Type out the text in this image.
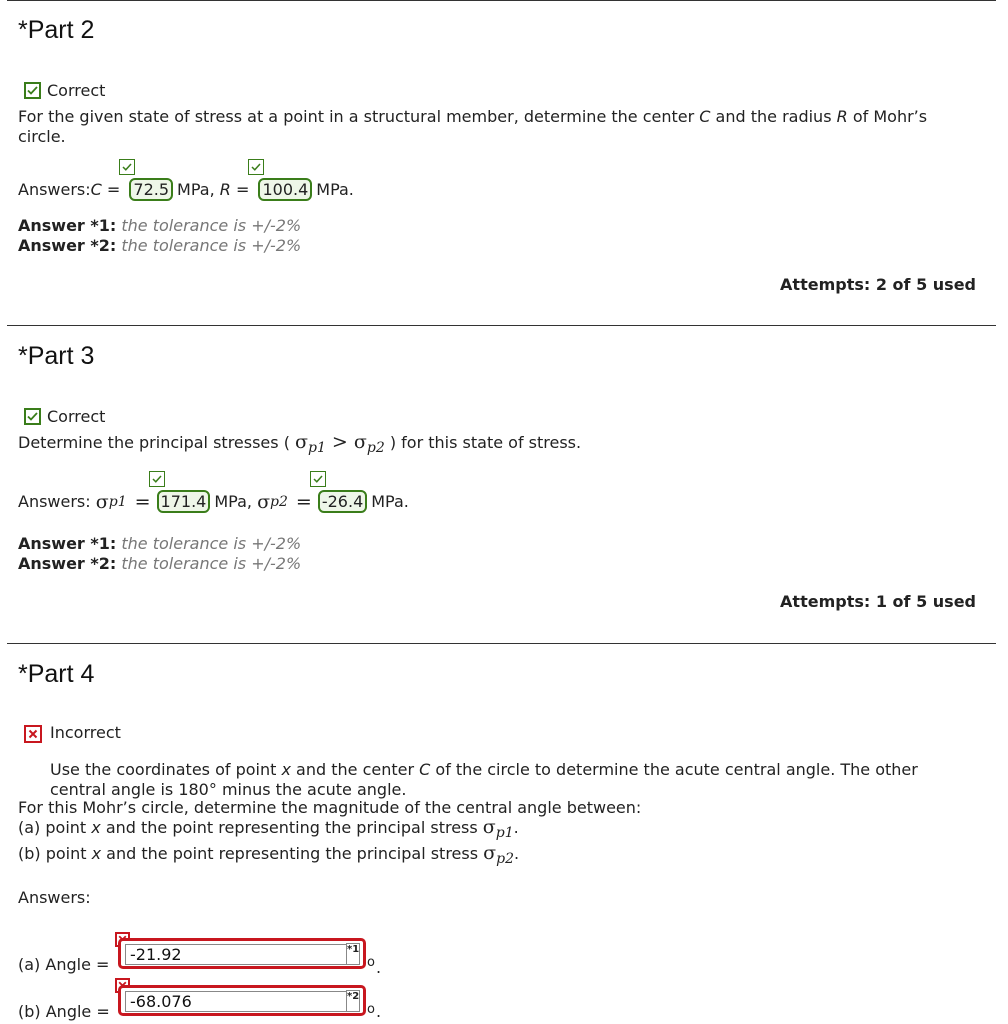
*Part 2
Correct
For the given state of stress at a point in a structural member, determine the center C and the radius R of Mohr’s
circle.
Answers: C = 72.5 MPa, R = 100.4 MPa.
Answer *1: the tolerance is +/-2%
Answer *2: the tolerance is +/-2%
Attempts: 2 of 5 used
*Part 3
Correct
Determine the principal stresses ( σp1 > σp2 ) for this state of stress.
Answers: σ p1 = 171.4 MPa, σ p2 = -26.4 MPa.
Answer *1: the tolerance is +/-2%
Answer *2: the tolerance is +/-2%
Attempts: 1 of 5 used
*Part 4
Incorrect
Use the coordinates of point x and the center C of the circle to determine the acute central angle. The other
central angle is 180° minus the acute angle.
For this Mohr’s circle, determine the magnitude of the central angle between:
(a) point x and the point representing the principal stress σp1.
(b) point x and the point representing the principal stress σp2.
Answers:
(a) Angle =
-21.92	*1
o .
(b) Angle =
-68.076	*2
o .
